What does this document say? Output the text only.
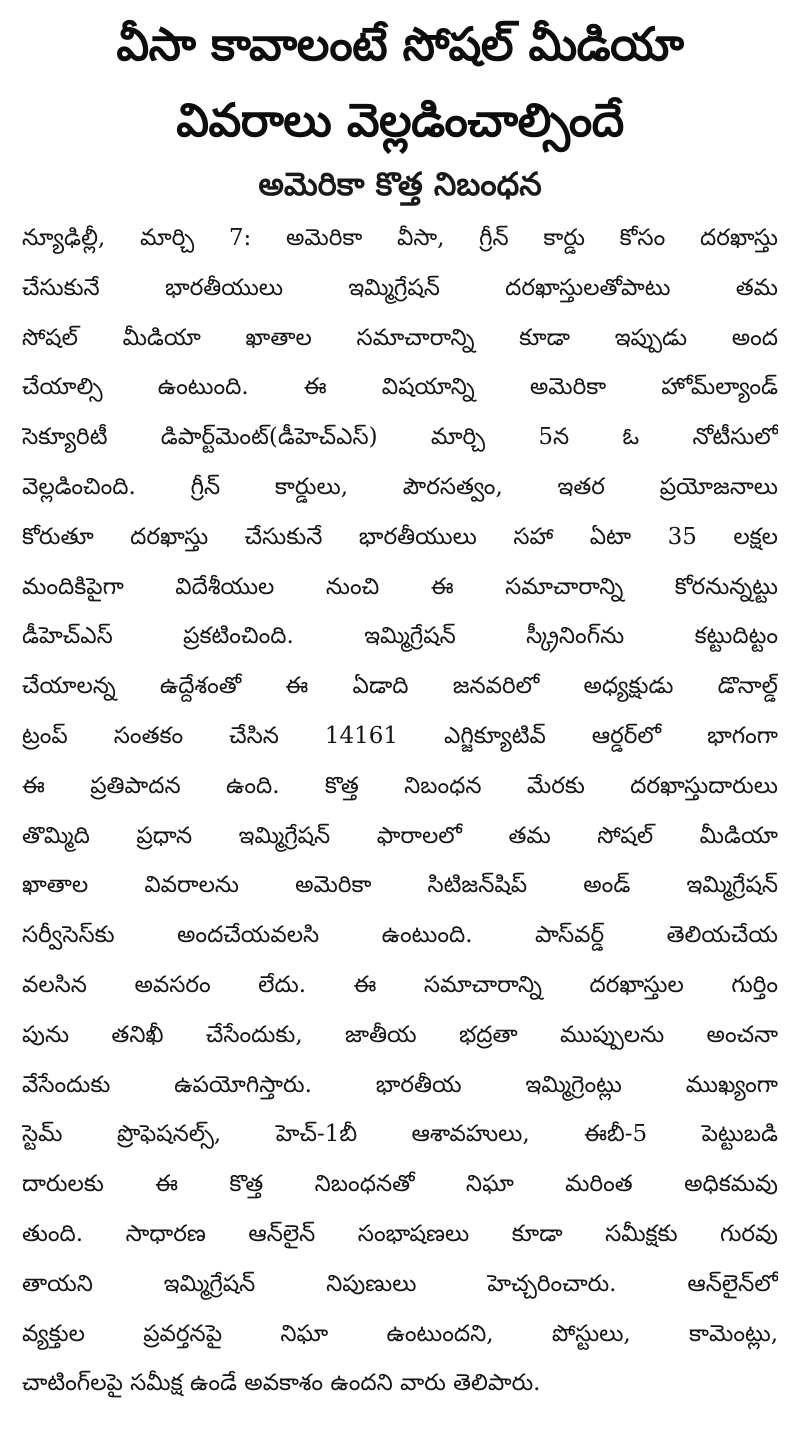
వీసా కావాలంటే సోషల్ మీడియా
వివరాలు వెల్లడించాల్సిందే
అమెరికా కొత్త నిబంధన
న్యూఢిల్లీ, మార్చి 7: అమెరికా వీసా, గ్రీన్ కార్డు కోసం దరఖాస్తు
చేసుకునే భారతీయులు ఇమ్మిగ్రేషన్ దరఖాస్తులతోపాటు తమ
సోషల్ మీడియా ఖాతాల సమాచారాన్ని కూడా ఇప్పుడు అంద
చేయాల్సి ఉంటుంది. ఈ విషయాన్ని అమెరికా హోమ్‌ల్యాండ్
సెక్యూరిటీ డిపార్ట్‌మెంట్(డీహెచ్ఎస్) మార్చి 5న ఓ నోటీసులో
వెల్లడించింది. గ్రీన్ కార్డులు, పౌరసత్వం, ఇతర ప్రయోజనాలు
కోరుతూ దరఖాస్తు చేసుకునే భారతీయులు సహా ఏటా 35 లక్షల
మందికిపైగా విదేశీయుల నుంచి ఈ సమాచారాన్ని కోరనున్నట్టు
డీహెచ్ఎస్ ప్రకటించింది. ఇమ్మిగ్రేషన్ స్క్రీనింగ్‌ను కట్టుదిట్టం
చేయాలన్న ఉద్దేశంతో ఈ ఏడాది జనవరిలో అధ్యక్షుడు డొనాల్డ్
ట్రంప్ సంతకం చేసిన 14161 ఎగ్జిక్యూటివ్ ఆర్డర్‌లో భాగంగా
ఈ ప్రతిపాదన ఉంది. కొత్త నిబంధన మేరకు దరఖాస్తుదారులు
తొమ్మిది ప్రధాన ఇమ్మిగ్రేషన్ ఫారాలలో తమ సోషల్ మీడియా
ఖాతాల వివరాలను అమెరికా సిటిజన్‌షిప్ అండ్ ఇమ్మిగ్రేషన్
సర్వీసెస్‌కు అందచేయవలసి ఉంటుంది. పాస్‌వర్డ్ తెలియచేయ
వలసిన అవసరం లేదు. ఈ సమాచారాన్ని దరఖాస్తుల గుర్తిం
పును తనిఖీ చేసేందుకు, జాతీయ భద్రతా ముప్పులను అంచనా
వేసేందుకు ఉపయోగిస్తారు. భారతీయ ఇమ్మిగ్రెంట్లు ముఖ్యంగా
స్టెమ్ ప్రొఫెషనల్స్, హెచ్-1బీ ఆశావహులు, ఈబీ-5 పెట్టుబడి
దారులకు ఈ కొత్త నిబంధనతో నిఘా మరింత అధికమవు
తుంది. సాధారణ ఆన్‌లైన్ సంభాషణలు కూడా సమీక్షకు గురవు
తాయని ఇమ్మిగ్రేషన్ నిపుణులు హెచ్చరించారు. ఆన్‌లైన్‌లో
వ్యక్తుల ప్రవర్తనపై నిఘా ఉంటుందని, పోస్టులు, కామెంట్లు,
చాటింగ్‌లపై సమీక్ష ఉండే అవకాశం ఉందని వారు తెలిపారు.
